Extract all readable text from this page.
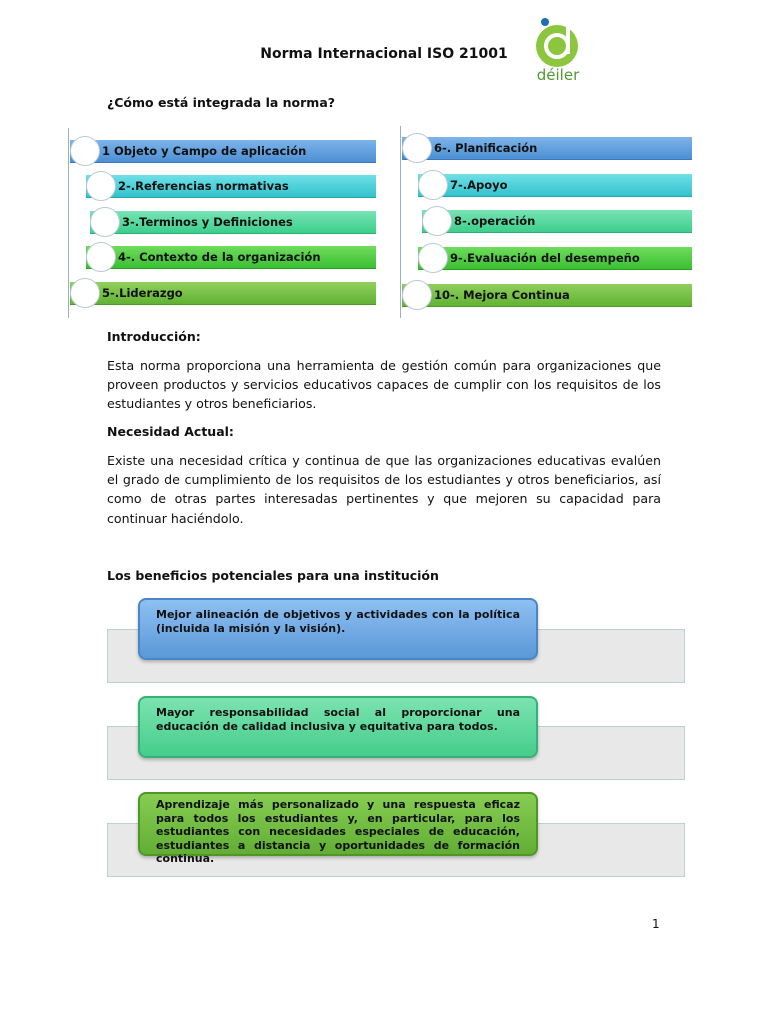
Norma Internacional ISO 21001
déiler
¿Cómo está integrada la norma?
1 Objeto y Campo de aplicación
2-.Referencias normativas
3-.Terminos y Definiciones
4-. Contexto de la organización
5-.Liderazgo
6-. Planificación
7-.Apoyo
8-.operación
9-.Evaluación del desempeño
10-. Mejora Continua
Introducción:
Esta norma proporciona una herramienta de gestión común para organizaciones que proveen productos y servicios educativos capaces de cumplir con los requisitos de los estudiantes y otros beneficiarios.
Necesidad Actual:
Existe una necesidad crítica y continua de que las organizaciones educativas evalúen el grado de cumplimiento de los requisitos de los estudiantes y otros beneficiarios, así como de otras partes interesadas pertinentes y que mejoren su capacidad para continuar haciéndolo.
Los beneficios potenciales para una institución
Mejor alineación de objetivos y actividades con la política (incluida la misión y la visión).
Mayor responsabilidad social al proporcionar una educación de calidad inclusiva y equitativa para todos.
Aprendizaje más personalizado y una respuesta eficaz para todos los estudiantes y, en particular, para los estudiantes con necesidades especiales de educación, estudiantes a distancia y oportunidades de formación continua.
1
